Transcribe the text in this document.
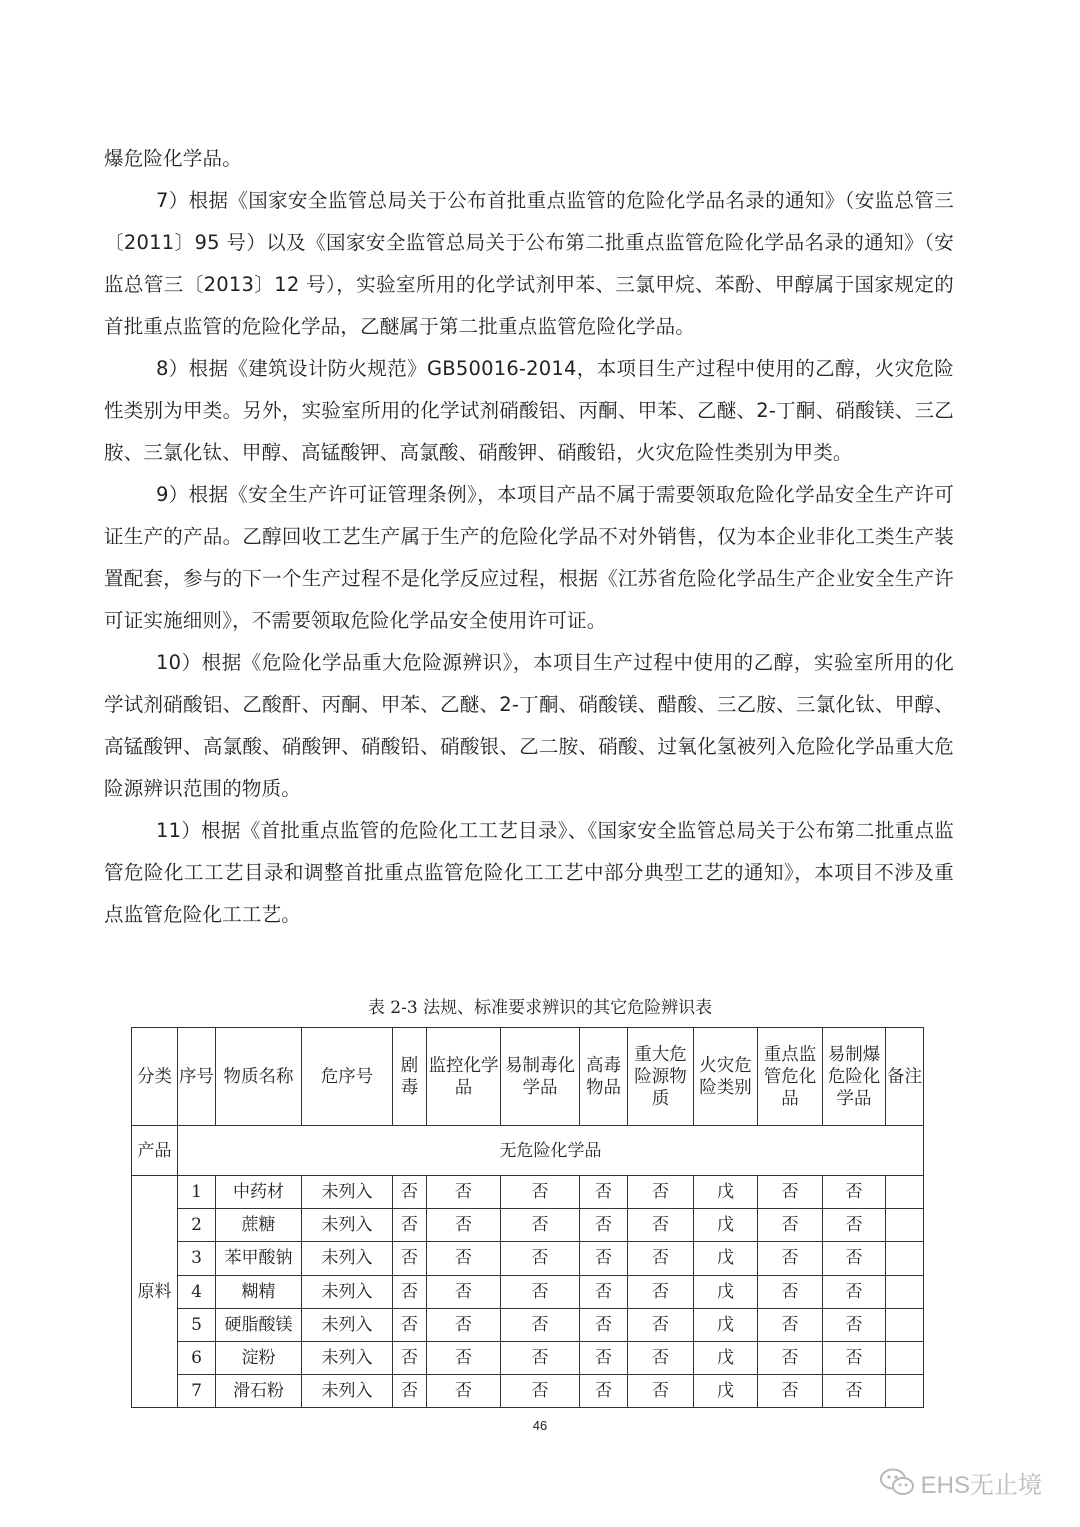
爆危险化学品。

7）根据《国家安全监管总局关于公布首批重点监管的危险化学品名录的通知》（安监总管三〔2011〕95 号）以及《国家安全监管总局关于公布第二批重点监管危险化学品名录的通知》（安监总管三〔2013〕12 号），实验室所用的化学试剂甲苯、三氯甲烷、苯酚、甲醇属于国家规定的首批重点监管的危险化学品，乙醚属于第二批重点监管危险化学品。

8）根据《建筑设计防火规范》GB50016-2014，本项目生产过程中使用的乙醇，火灾危险性类别为甲类。另外，实验室所用的化学试剂硝酸铝、丙酮、甲苯、乙醚、2-丁酮、硝酸镁、三乙胺、三氯化钛、甲醇、高锰酸钾、高氯酸、硝酸钾、硝酸铅，火灾危险性类别为甲类。

9）根据《安全生产许可证管理条例》，本项目产品不属于需要领取危险化学品安全生产许可证生产的产品。乙醇回收工艺生产属于生产的危险化学品不对外销售，仅为本企业非化工类生产装置配套，参与的下一个生产过程不是化学反应过程，根据《江苏省危险化学品生产企业安全生产许可证实施细则》，不需要领取危险化学品安全使用许可证。

10）根据《危险化学品重大危险源辨识》，本项目生产过程中使用的乙醇，实验室所用的化学试剂硝酸铝、乙酸酐、丙酮、甲苯、乙醚、2-丁酮、硝酸镁、醋酸、三乙胺、三氯化钛、甲醇、高锰酸钾、高氯酸、硝酸钾、硝酸铅、硝酸银、乙二胺、硝酸、过氧化氢被列入危险化学品重大危险源辨识范围的物质。

11）根据《首批重点监管的危险化工工艺目录》、《国家安全监管总局关于公布第二批重点监管危险化工工艺目录和调整首批重点监管危险化工工艺中部分典型工艺的通知》，本项目不涉及重点监管危险化工工艺。

表 2-3 法规、标准要求辨识的其它危险辨识表
分类	序号	物质名称	危序号	剧毒	监控化学品	易制毒化学品	高毒物品	重大危险源物质	火灾危险类别	重点监管危化品	易制爆危险化学品	备注
产品	无危险化学品											
原料	1	中药材	未列入	否	否	否	否	否	戊	否	否	
	2	蔗糖	未列入	否	否	否	否	否	戊	否	否	
	3	苯甲酸钠	未列入	否	否	否	否	否	戊	否	否	
	4	糊精	未列入	否	否	否	否	否	戊	否	否	
	5	硬脂酸镁	未列入	否	否	否	否	否	戊	否	否	
	6	淀粉	未列入	否	否	否	否	否	戊	否	否	
	7	滑石粉	未列入	否	否	否	否	否	戊	否	否	
46
EHS无止境
